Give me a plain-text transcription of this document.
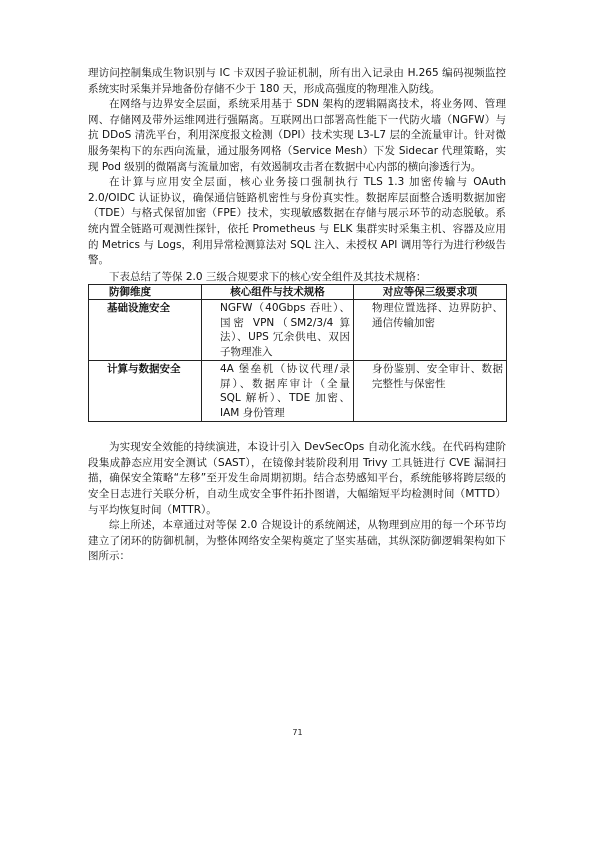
理访问控制集成生物识别与 IC 卡双因子验证机制，所有出入记录由 H.265 编码视频监控系统实时采集并异地备份存储不少于 180 天，形成高强度的物理准入防线。

在网络与边界安全层面，系统采用基于 SDN 架构的逻辑隔离技术，将业务网、管理网、存储网及带外运维网进行强隔离。互联网出口部署高性能下一代防火墙（NGFW）与抗 DDoS 清洗平台，利用深度报文检测（DPI）技术实现 L3-L7 层的全流量审计。针对微服务架构下的东西向流量，通过服务网格（Service Mesh）下发 Sidecar 代理策略，实现 Pod 级别的微隔离与流量加密，有效遏制攻击者在数据中心内部的横向渗透行为。

在计算与应用安全层面，核心业务接口强制执行 TLS 1.3 加密传输与 OAuth 2.0/OIDC 认证协议，确保通信链路机密性与身份真实性。数据库层面整合透明数据加密（TDE）与格式保留加密（FPE）技术，实现敏感数据在存储与展示环节的动态脱敏。系统内置全链路可观测性探针，依托 Prometheus 与 ELK 集群实时采集主机、容器及应用的 Metrics 与 Logs，利用异常检测算法对 SQL 注入、未授权 API 调用等行为进行秒级告警。

下表总结了等保 2.0 三级合规要求下的核心安全组件及其技术规格：

防御维度	核心组件与技术规格	对应等保三级要求项
基础设施安全	NGFW（40Gbps 吞吐）、国密 VPN（SM2/3/4 算法）、UPS 冗余供电、双因子物理准入	物理位置选择、边界防护、通信传输加密
计算与数据安全	4A 堡垒机（协议代理/录屏）、数据库审计（全量 SQL 解析）、TDE 加密、IAM 身份管理	身份鉴别、安全审计、数据完整性与保密性

为实现安全效能的持续演进，本设计引入 DevSecOps 自动化流水线。在代码构建阶段集成静态应用安全测试（SAST），在镜像封装阶段利用 Trivy 工具链进行 CVE 漏洞扫描，确保安全策略“左移”至开发生命周期初期。结合态势感知平台，系统能够将跨层级的安全日志进行关联分析，自动生成安全事件拓扑图谱，大幅缩短平均检测时间（MTTD）与平均恢复时间（MTTR）。

综上所述，本章通过对等保 2.0 合规设计的系统阐述，从物理到应用的每一个环节均建立了闭环的防御机制，为整体网络安全架构奠定了坚实基础，其纵深防御逻辑架构如下图所示：

71
